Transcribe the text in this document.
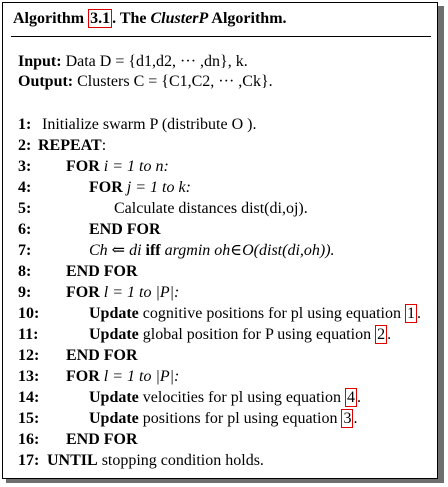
Algorithm 3.1 . The ClusterP Algorithm.
Input: Data D = {d1,d2, ··· ,dn}, k.
Output: Clusters C = {C1,C2, ··· ,Ck}.
1: Initialize swarm P (distribute O ).
2: REPEAT:
3: FOR i = 1 to n:
4:	FOR j = 1 to k:
5:	Calculate distances dist(di,oj).
6:	END FOR
7:	Ch ⇐ di iff argmin oh∈O(dist(di,oh)).
8: END FOR
9: FOR l = 1 to |P|:
10:	Update cognitive positions for pl using equation 1 .
11:	Update global position for P using equation 2 .
12: END FOR
13: FOR l = 1 to |P|:
14:	Update velocities for pl using equation 4 .
15:	Update positions for pl using equation 3 .
16: END FOR
17: UNTIL stopping condition holds.
